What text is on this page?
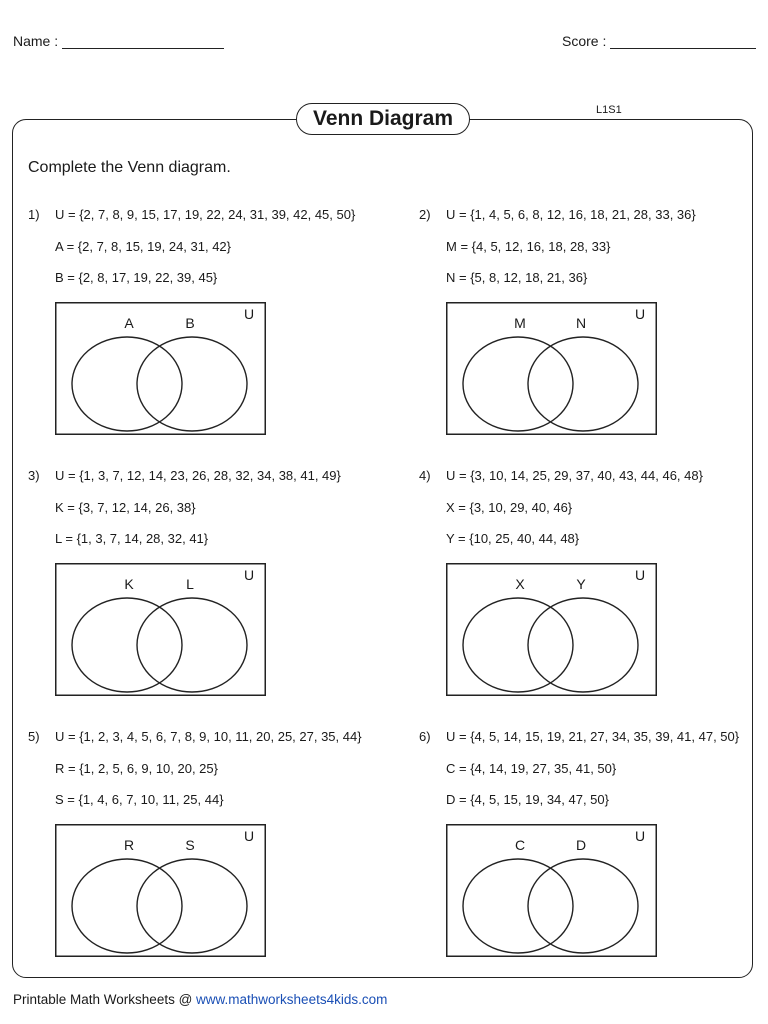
Name :	Score :
Venn Diagram	L1S1
Complete the Venn diagram.
1) U = {2, 7, 8, 9, 15, 17, 19, 22, 24, 31, 39, 42, 45, 50}
A = {2, 7, 8, 15, 19, 24, 31, 42}
B = {2, 8, 17, 19, 22, 39, 45}
A	B
U
2) U = {1, 4, 5, 6, 8, 12, 16, 18, 21, 28, 33, 36}
M = {4, 5, 12, 16, 18, 28, 33}
N = {5, 8, 12, 18, 21, 36}
M	N
U
3) U = {1, 3, 7, 12, 14, 23, 26, 28, 32, 34, 38, 41, 49}
K = {3, 7, 12, 14, 26, 38}
L = {1, 3, 7, 14, 28, 32, 41}
K	L
U
4) U = {3, 10, 14, 25, 29, 37, 40, 43, 44, 46, 48}
X = {3, 10, 29, 40, 46}
Y = {10, 25, 40, 44, 48}
X	Y
U
5) U = {1, 2, 3, 4, 5, 6, 7, 8, 9, 10, 11, 20, 25, 27, 35, 44}
R = {1, 2, 5, 6, 9, 10, 20, 25}
S = {1, 4, 6, 7, 10, 11, 25, 44}
R	S
U
6) U = {4, 5, 14, 15, 19, 21, 27, 34, 35, 39, 41, 47, 50}
C = {4, 14, 19, 27, 35, 41, 50}
D = {4, 5, 15, 19, 34, 47, 50}
C	D
U
Printable Math Worksheets @ www.mathworksheets4kids.com
